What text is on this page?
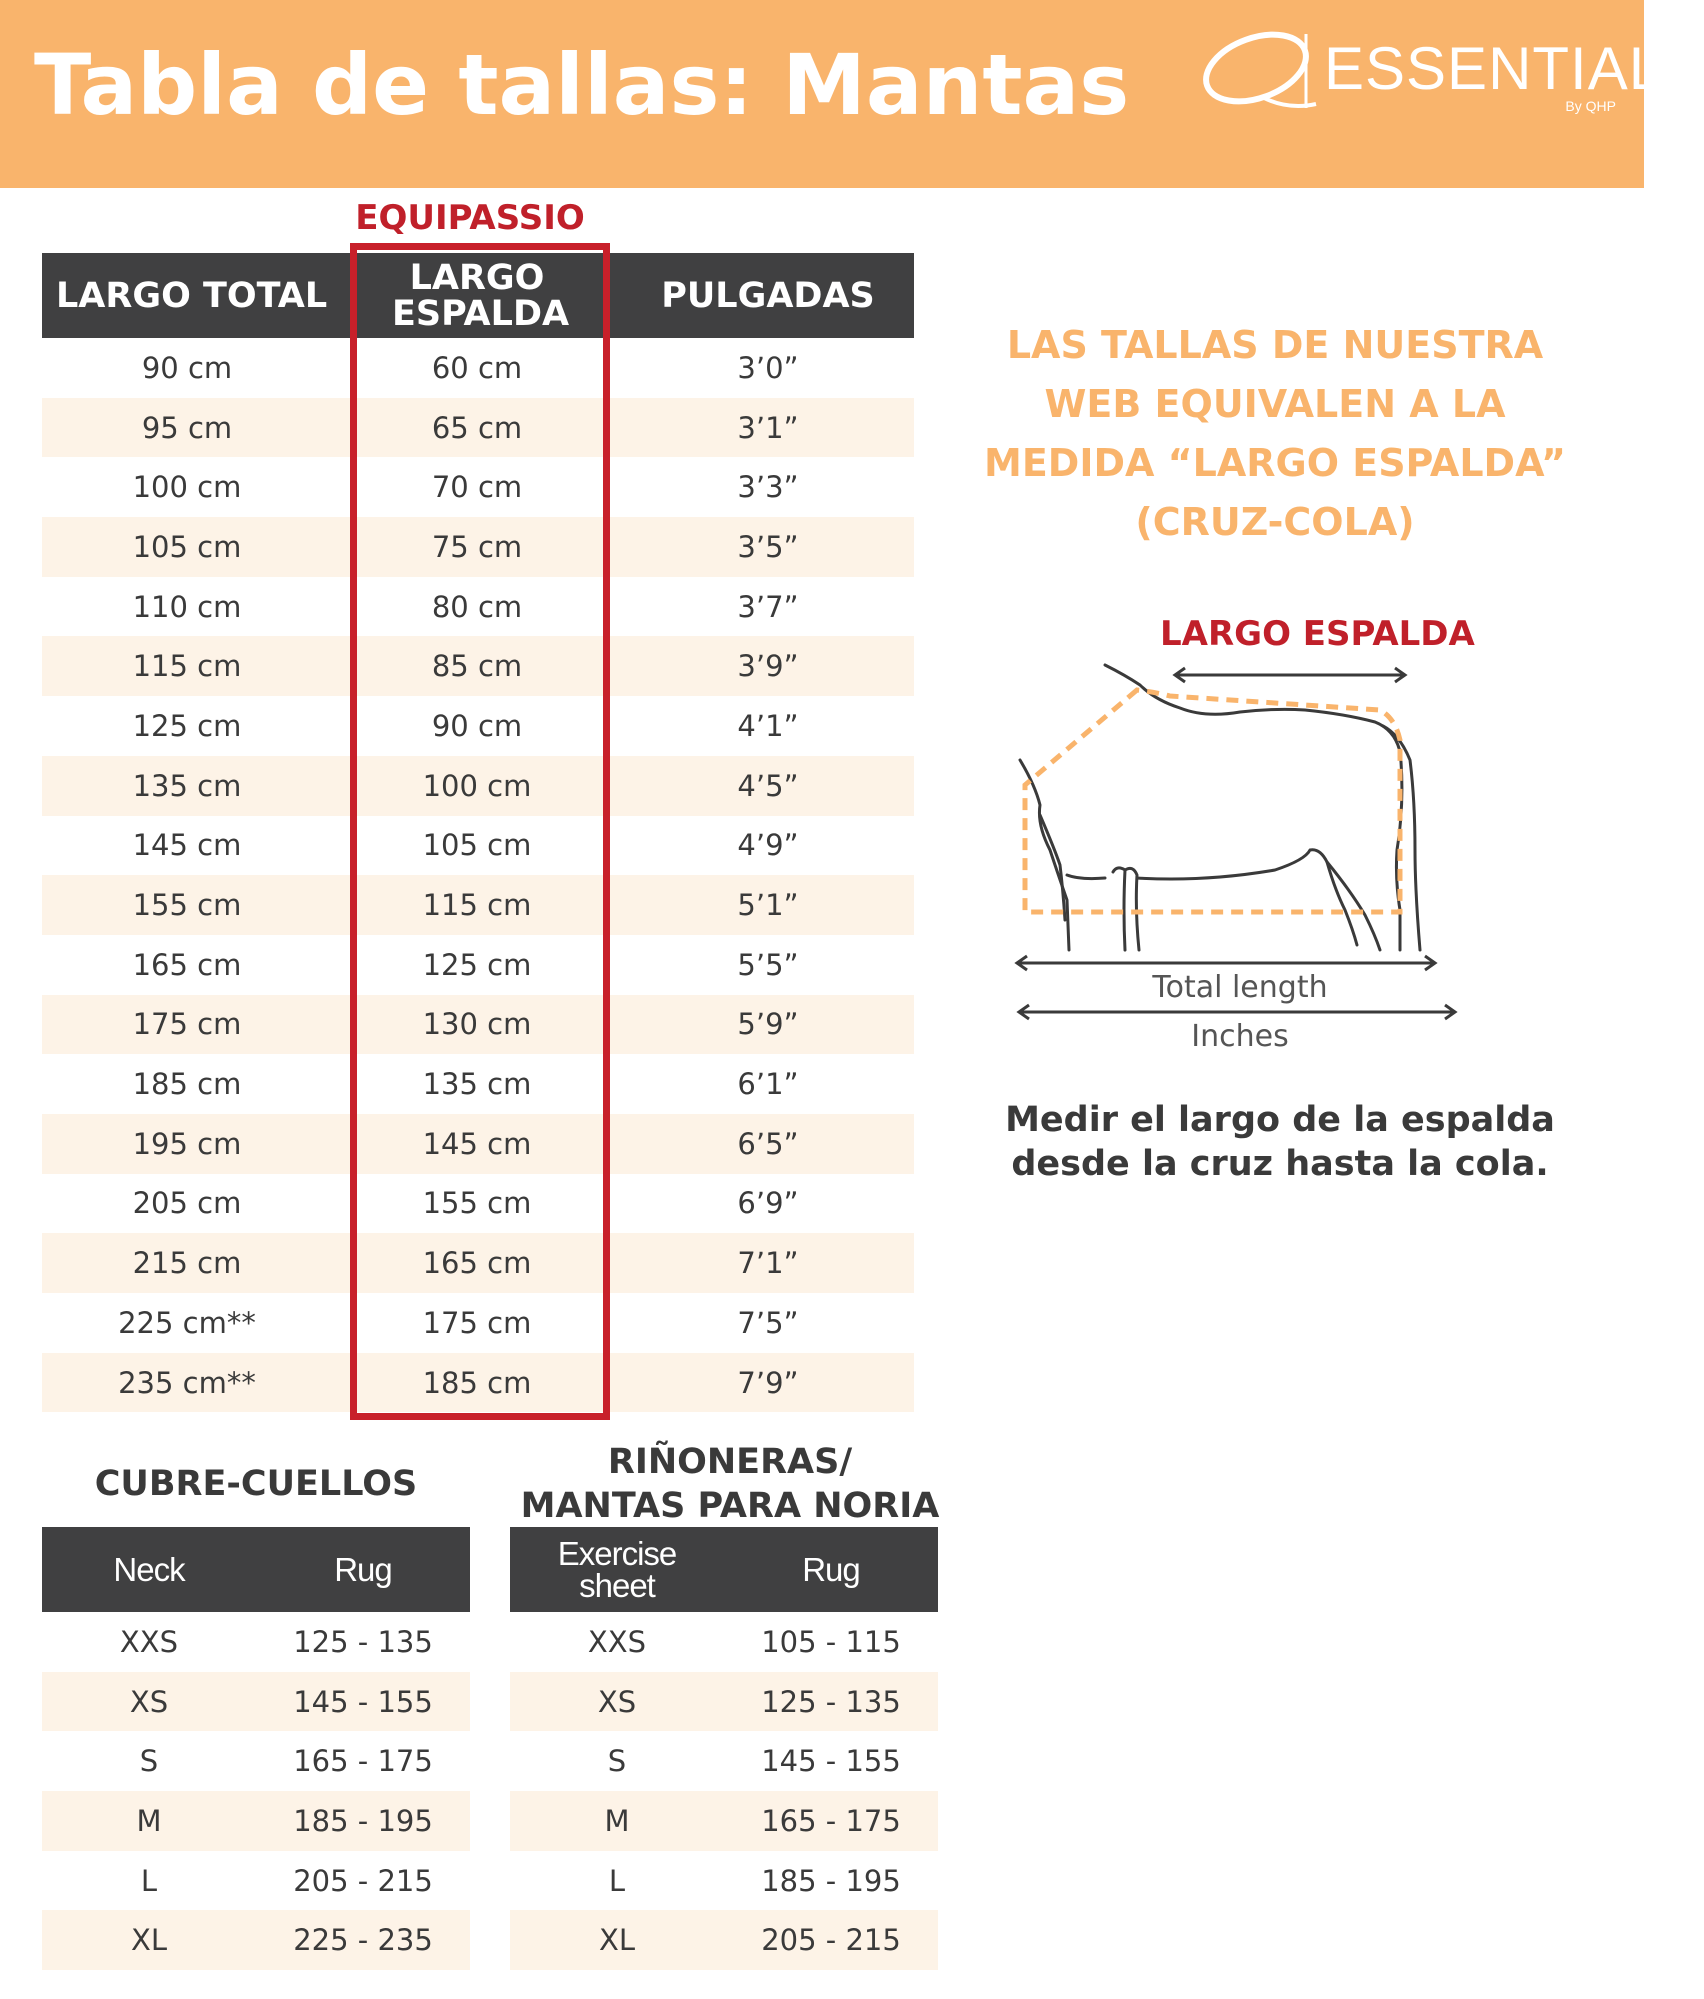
Tabla de tallas: Mantas	ESSENTIALS
By QHP
EQUIPASSIO
LARGO TOTAL	LARGO ESPALDA	PULGADAS
90 cm	60 cm	3’0”
95 cm	65 cm	3’1”
100 cm	70 cm	3’3”
105 cm	75 cm	3’5”
110 cm	80 cm	3’7”
115 cm	85 cm	3’9”
125 cm	90 cm	4’1”
135 cm	100 cm	4’5”
145 cm	105 cm	4’9”
155 cm	115 cm	5’1”
165 cm	125 cm	5’5”
175 cm	130 cm	5’9”
185 cm	135 cm	6’1”
195 cm	145 cm	6’5”
205 cm	155 cm	6’9”
215 cm	165 cm	7’1”
225 cm**	175 cm	7’5”
235 cm**	185 cm	7’9”
LAS TALLAS DE NUESTRA
WEB EQUIVALEN A LA
MEDIDA “LARGO ESPALDA”
(CRUZ-COLA)
LARGO ESPALDA
Total length
Inches
Medir el largo de la espalda
desde la cruz hasta la cola.
CUBRE-CUELLOS
Neck	Rug
XXS	125 - 135
XS	145 - 155
S	165 - 175
M	185 - 195
L	205 - 215
XL	225 - 235
RIÑONERAS/
MANTAS PARA NORIA
Exercise sheet	Rug
XXS	105 - 115
XS	125 - 135
S	145 - 155
M	165 - 175
L	185 - 195
XL	205 - 215
